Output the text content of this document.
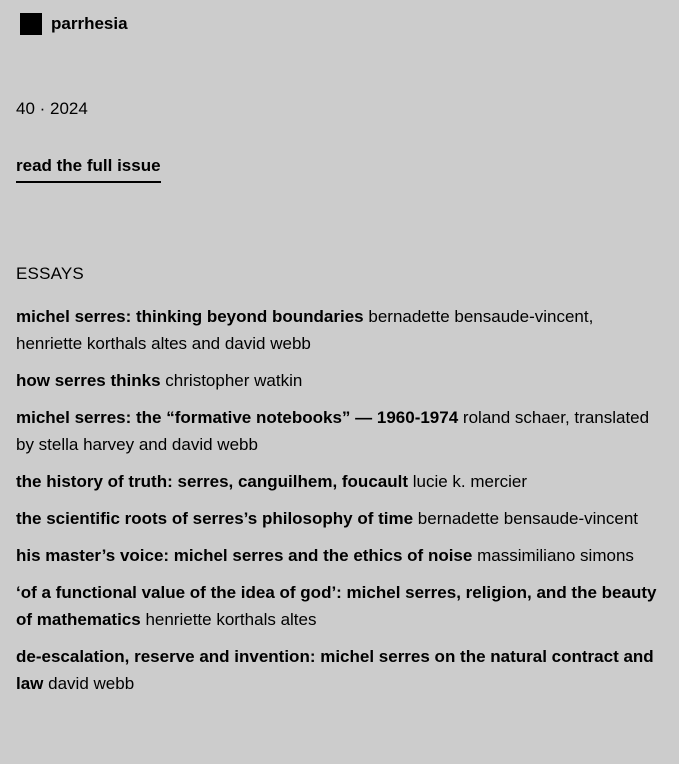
parrhesia
40 · 2024
read the full issue
ESSAYS
michel serres: thinking beyond boundaries bernadette bensaude-vincent, henriette korthals altes and david webb
how serres thinks christopher watkin
michel serres: the “formative notebooks” — 1960-1974 roland schaer, translated by stella harvey and david webb
the history of truth: serres, canguilhem, foucault lucie k. mercier
the scientific roots of serres’s philosophy of time bernadette bensaude-vincent
his master’s voice: michel serres and the ethics of noise massimiliano simons
‘of a functional value of the idea of god’: michel serres, religion, and the beauty of mathematics henriette korthals altes
de-escalation, reserve and invention: michel serres on the natural contract and law david webb
